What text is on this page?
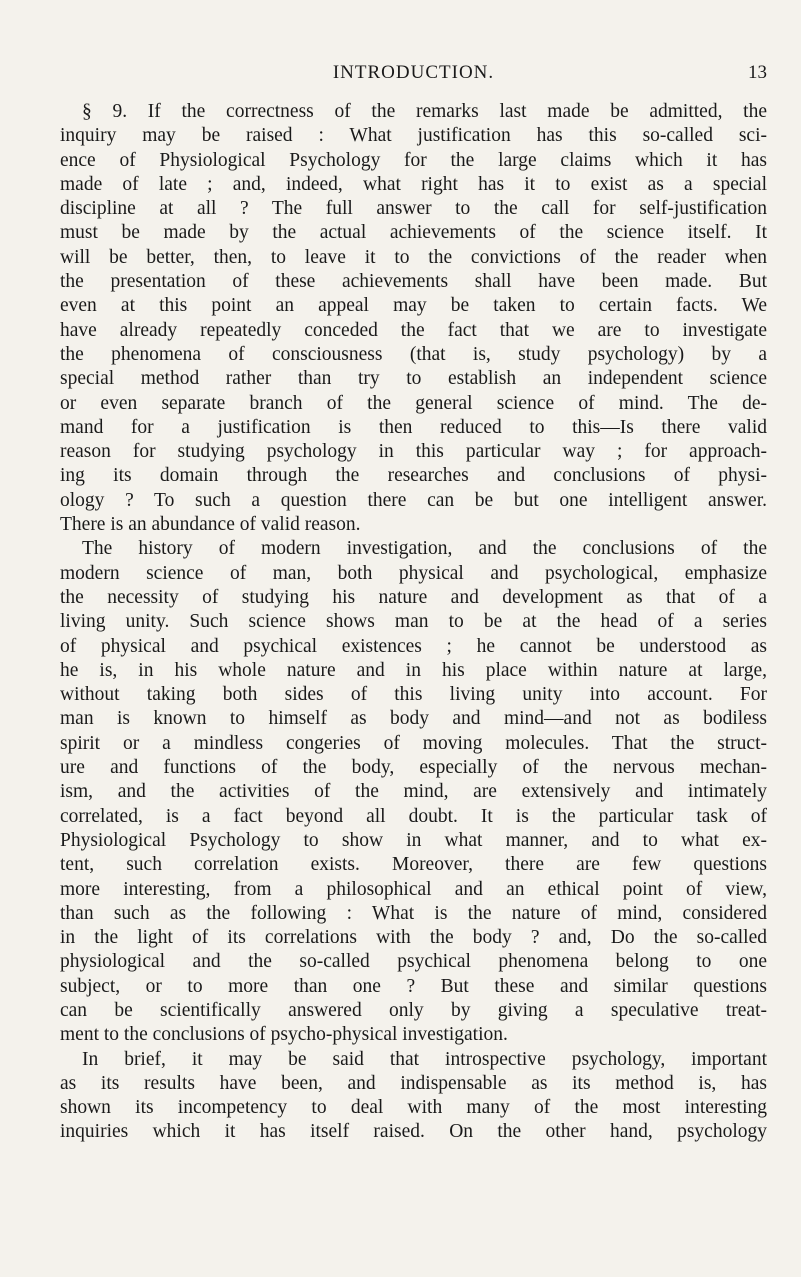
INTRODUCTION.	13
§ 9. If the correctness of the remarks last made be admitted, the
inquiry may be raised : What justification has this so-called sci-
ence of Physiological Psychology for the large claims which it has
made of late ; and, indeed, what right has it to exist as a special
discipline at all ? The full answer to the call for self-justification
must be made by the actual achievements of the science itself. It
will be better, then, to leave it to the convictions of the reader when
the presentation of these achievements shall have been made. But
even at this point an appeal may be taken to certain facts. We
have already repeatedly conceded the fact that we are to investigate
the phenomena of consciousness (that is, study psychology) by a
special method rather than try to establish an independent science
or even separate branch of the general science of mind. The de-
mand for a justification is then reduced to this—Is there valid
reason for studying psychology in this particular way ; for approach-
ing its domain through the researches and conclusions of physi-
ology ? To such a question there can be but one intelligent answer.
There is an abundance of valid reason.
The history of modern investigation, and the conclusions of the
modern science of man, both physical and psychological, emphasize
the necessity of studying his nature and development as that of a
living unity. Such science shows man to be at the head of a series
of physical and psychical existences ; he cannot be understood as
he is, in his whole nature and in his place within nature at large,
without taking both sides of this living unity into account. For
man is known to himself as body and mind—and not as bodiless
spirit or a mindless congeries of moving molecules. That the struct-
ure and functions of the body, especially of the nervous mechan-
ism, and the activities of the mind, are extensively and intimately
correlated, is a fact beyond all doubt. It is the particular task of
Physiological Psychology to show in what manner, and to what ex-
tent, such correlation exists. Moreover, there are few questions
more interesting, from a philosophical and an ethical point of view,
than such as the following : What is the nature of mind, considered
in the light of its correlations with the body ? and, Do the so-called
physiological and the so-called psychical phenomena belong to one
subject, or to more than one ? But these and similar questions
can be scientifically answered only by giving a speculative treat-
ment to the conclusions of psycho-physical investigation.
In brief, it may be said that introspective psychology, important
as its results have been, and indispensable as its method is, has
shown its incompetency to deal with many of the most interesting
inquiries which it has itself raised. On the other hand, psychology
